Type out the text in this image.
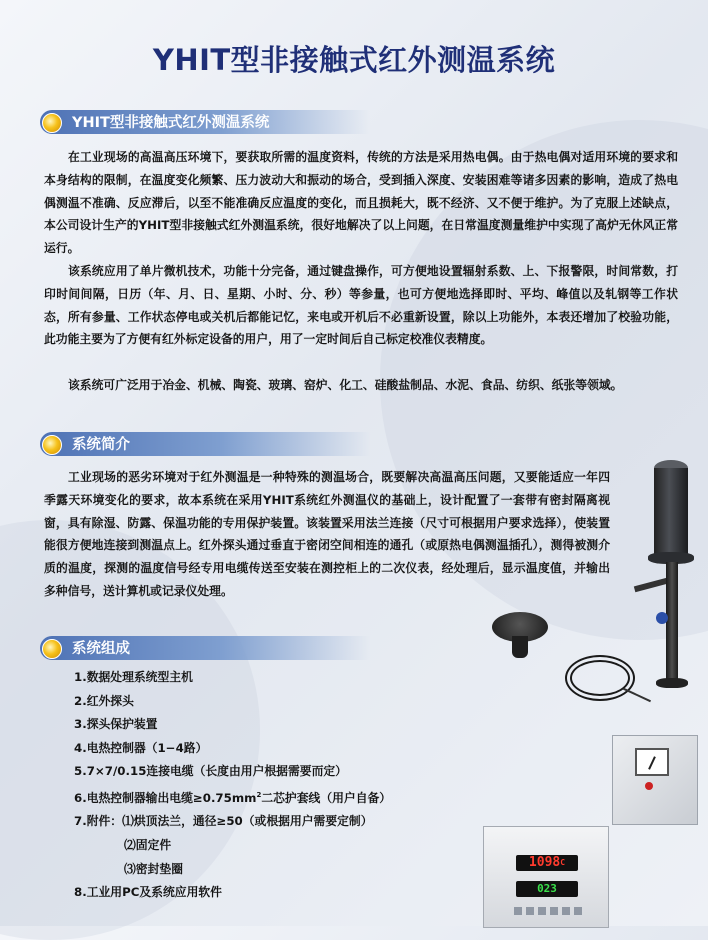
YHIT型非接触式红外测温系统
YHIT型非接触式红外测温系统

在工业现场的高温高压环境下，要获取所需的温度资料，传统的方法是采用热电偶。由于热电偶对适用环境的要求和本身结构的限制，在温度变化频繁、压力波动大和振动的场合，受到插入深度、安装困难等诸多因素的影响，造成了热电偶测温不准确、反应滞后，以至不能准确反应温度的变化，而且损耗大，既不经济、又不便于维护。为了克服上述缺点，本公司设计生产的YHIT型非接触式红外测温系统，很好地解决了以上问题，在日常温度测量维护中实现了高炉无休风正常运行。

该系统应用了单片微机技术，功能十分完备，通过键盘操作，可方便地设置辐射系数、上、下报警限，时间常数，打印时间间隔，日历（年、月、日、星期、小时、分、秒）等参量，也可方便地选择即时、平均、峰值以及轧钢等工作状态，所有参量、工作状态停电或关机后都能记忆，来电或开机后不必重新设置，除以上功能外，本表还增加了校验功能，此功能主要为了方便有红外标定设备的用户，用了一定时间后自己标定校准仪表精度。

该系统可广泛用于冶金、机械、陶瓷、玻璃、窑炉、化工、硅酸盐制品、水泥、食品、纺织、纸张等领域。

系统简介

工业现场的恶劣环境对于红外测温是一种特殊的测温场合，既要解决高温高压问题，又要能适应一年四季露天环境变化的要求，故本系统在采用YHIT系统红外测温仪的基础上，设计配置了一套带有密封隔离视窗，具有除湿、防露、保温功能的专用保护装置。该装置采用法兰连接（尺寸可根据用户要求选择），使装置能很方便地连接到测温点上。红外探头通过垂直于密闭空间相连的通孔（或原热电偶测温插孔），测得被测介质的温度，探测的温度信号经专用电缆传送至安装在测控柜上的二次仪表，经处理后，显示温度值，并输出多种信号，送计算机或记录仪处理。

系统组成
1.数据处理系统型主机
2.红外探头
3.探头保护装置
4.电热控制器（1−4路）
5.7×7/0.15连接电缆（长度由用户根据需要而定）
6.电热控制器输出电缆$\ge 0.75mm^2$二芯护套线（用户自备）
7.附件：⑴烘顶法兰，通径≥50（或根据用户需要定制）
⑵固定件
⑶密封垫圈
8.工业用PC及系统应用软件
$1098^C$
023
